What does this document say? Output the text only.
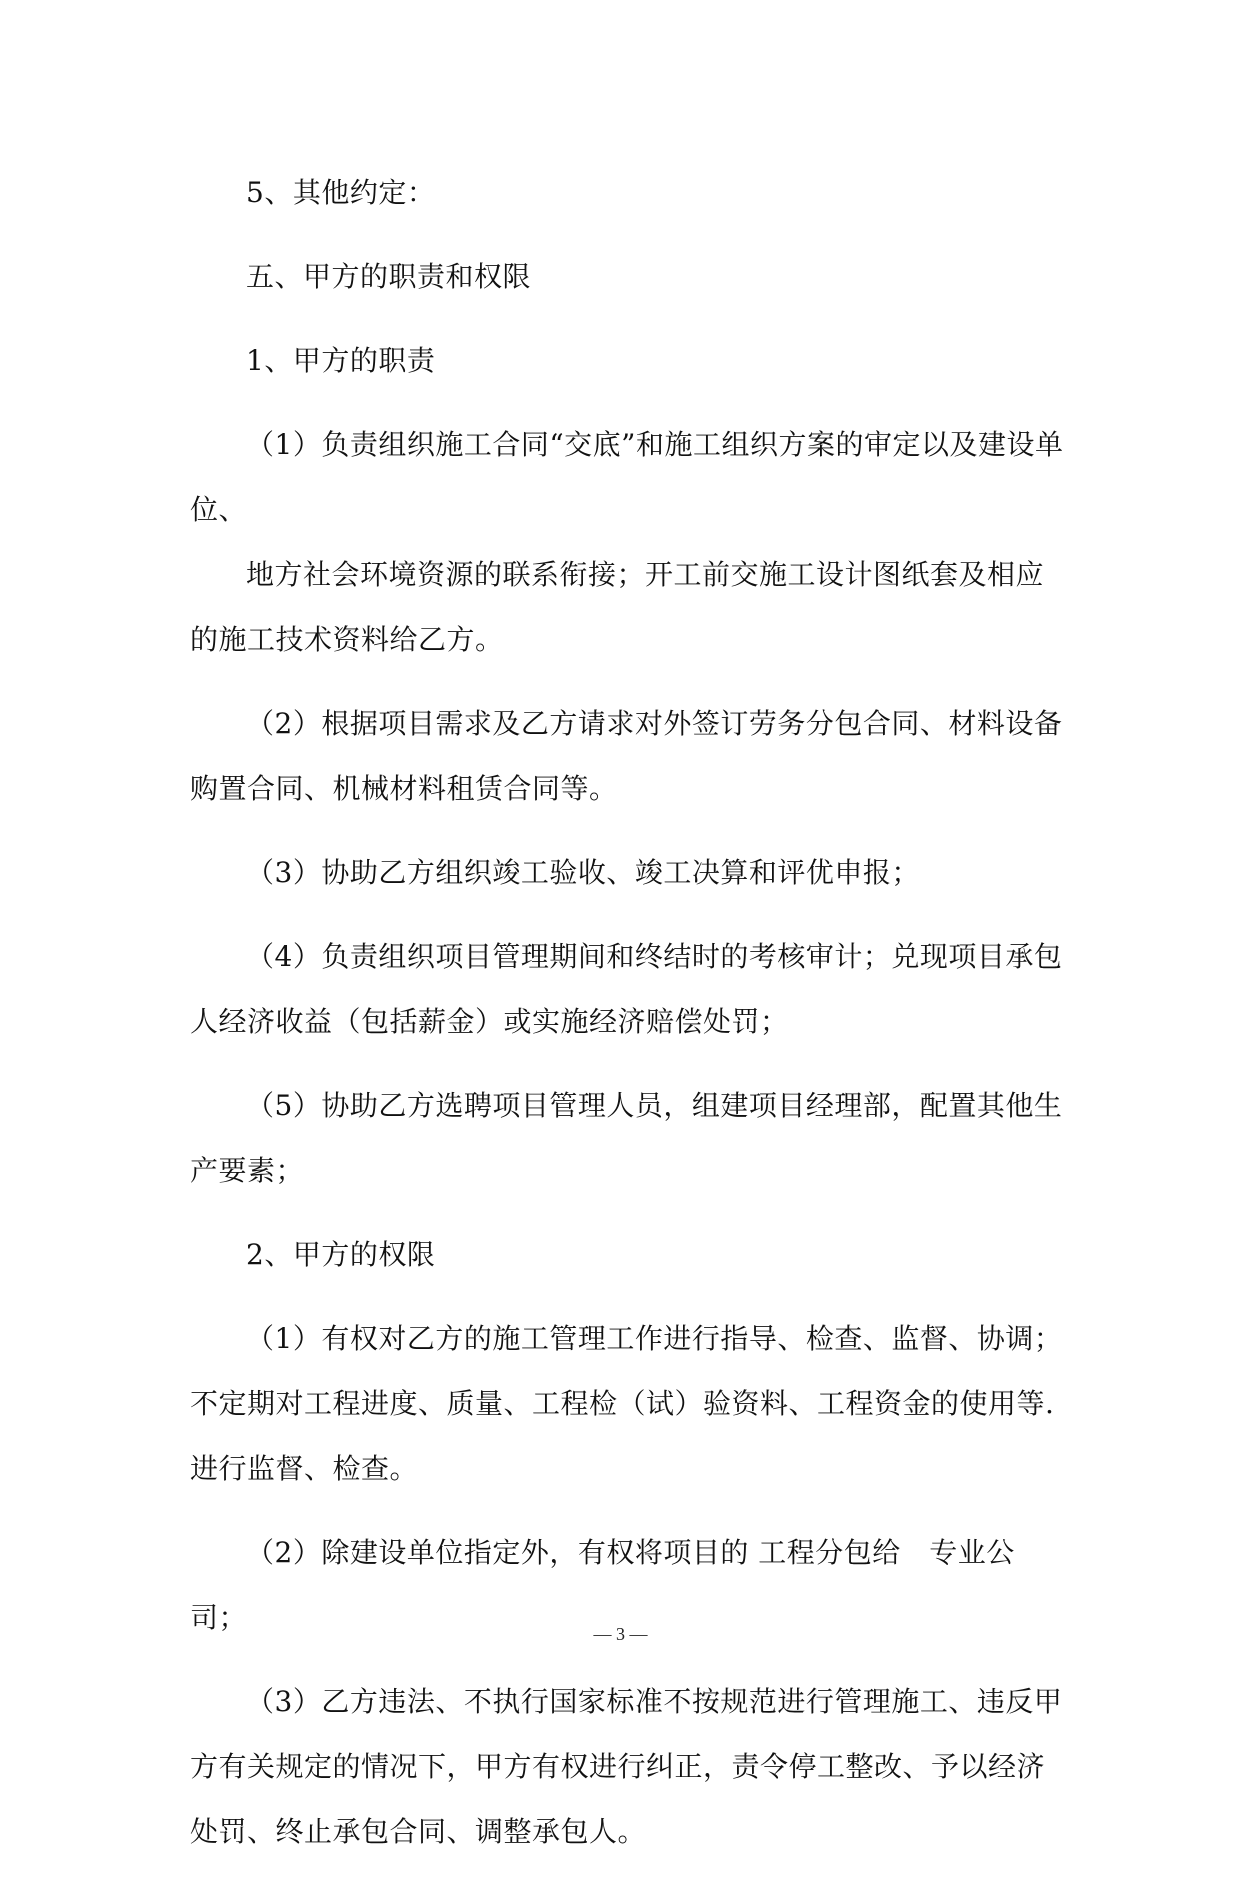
5、其他约定：

五、甲方的职责和权限

1、甲方的职责

（1）负责组织施工合同“交底”和施工组织方案的审定以及建设单位、

地方社会环境资源的联系衔接；开工前交施工设计图纸套及相应的施工技术资料给乙方。

（2）根据项目需求及乙方请求对外签订劳务分包合同、材料设备购置合同、机械材料租赁合同等。

（3）协助乙方组织竣工验收、竣工决算和评优申报；

（4）负责组织项目管理期间和终结时的考核审计；兑现项目承包人经济收益（包括薪金）或实施经济赔偿处罚；

（5）协助乙方选聘项目管理人员，组建项目经理部，配置其他生产要素；

2、甲方的权限

（1）有权对乙方的施工管理工作进行指导、检查、监督、协调；不定期对工程进度、质量、工程检（试）验资料、工程资金的使用等.进行监督、检查。

（2）除建设单位指定外，有权将项目的 工程分包给　专业公司；

（3）乙方违法、不执行国家标准不按规范进行管理施工、违反甲方有关规定的情况下，甲方有权进行纠正，责令停工整改、予以经济处罚、终止承包合同、调整承包人。

— 3 —
